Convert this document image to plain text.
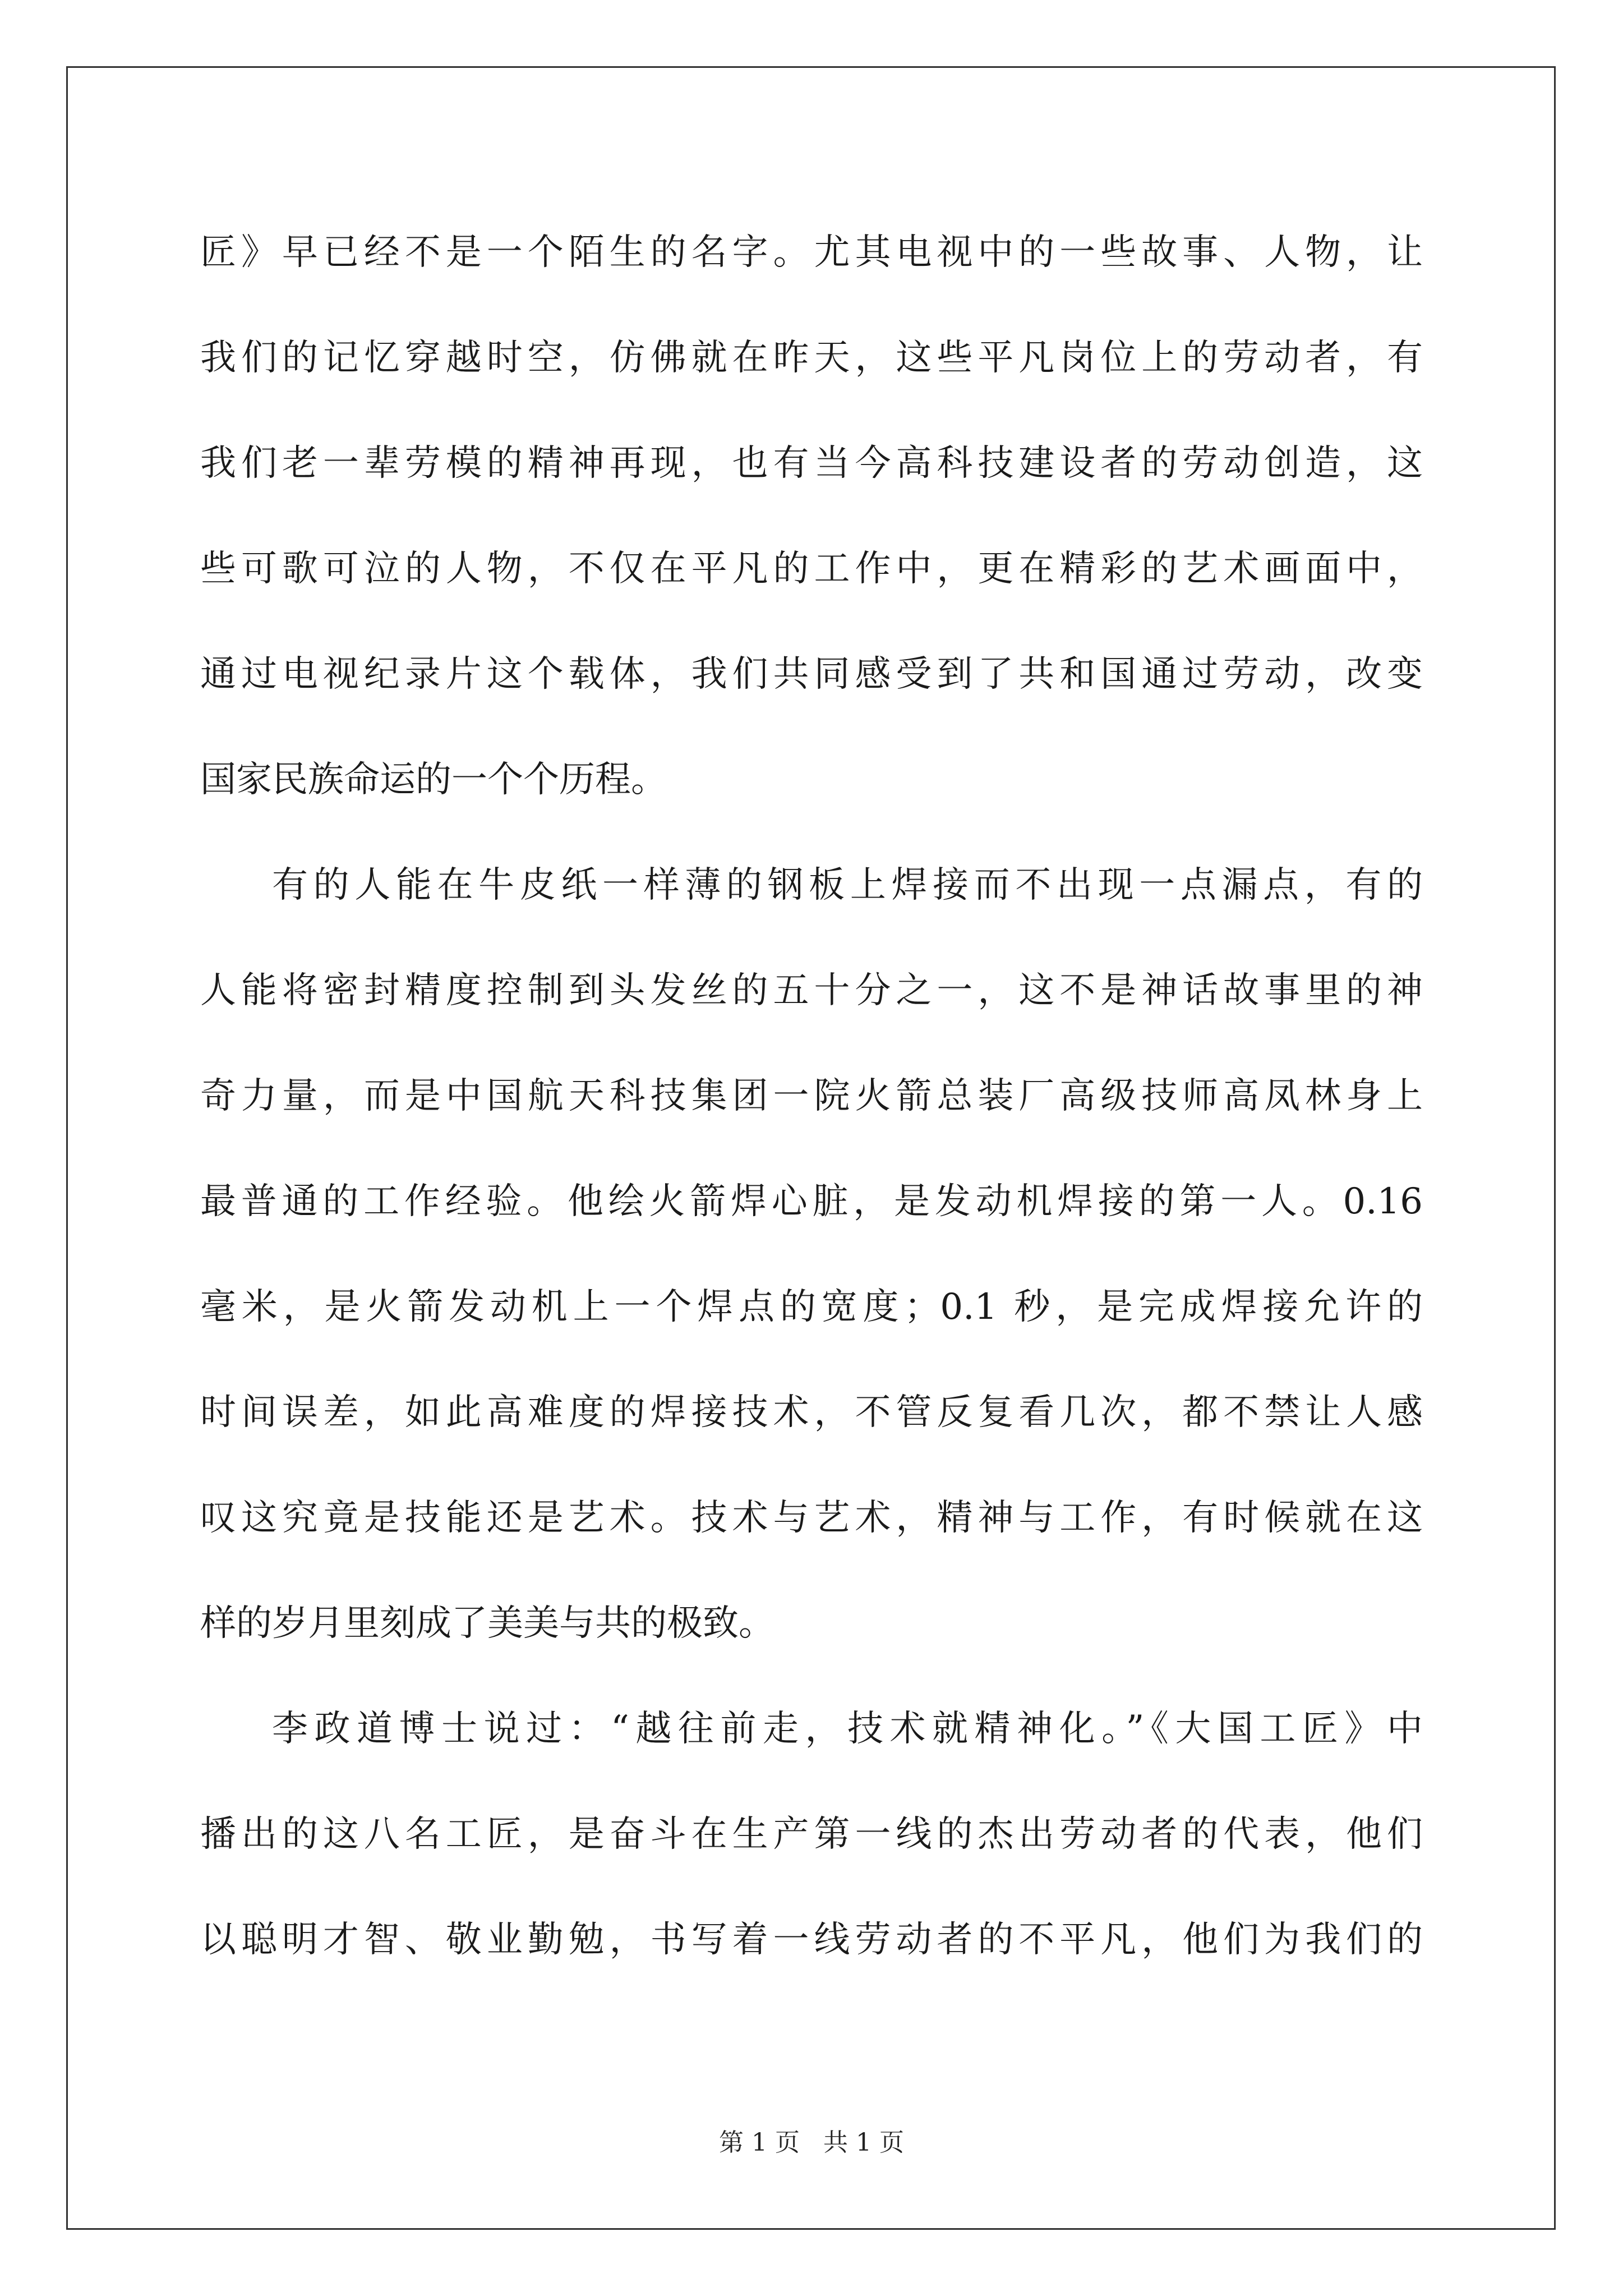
匠》早已经不是一个陌生的名字。尤其电视中的一些故事、人物，让
我们的记忆穿越时空，仿佛就在昨天，这些平凡岗位上的劳动者，有
我们老一辈劳模的精神再现，也有当今高科技建设者的劳动创造，这
些可歌可泣的人物，不仅在平凡的工作中，更在精彩的艺术画面中，
通过电视纪录片这个载体，我们共同感受到了共和国通过劳动，改变
国家民族命运的一个个历程。
有的人能在牛皮纸一样薄的钢板上焊接而不出现一点漏点，有的
人能将密封精度控制到头发丝的五十分之一，这不是神话故事里的神
奇力量，而是中国航天科技集团一院火箭总装厂高级技师高凤林身上
最普通的工作经验。他绘火箭焊心脏，是发动机焊接的第一人。0.16
毫米，是火箭发动机上一个焊点的宽度；0.1 秒，是完成焊接允许的
时间误差，如此高难度的焊接技术，不管反复看几次，都不禁让人感
叹这究竟是技能还是艺术。技术与艺术，精神与工作，有时候就在这
样的岁月里刻成了美美与共的极致。
李政道博士说过：“越往前走，技术就精神化。”《大国工匠》中
播出的这八名工匠，是奋斗在生产第一线的杰出劳动者的代表，他们
以聪明才智、敬业勤勉，书写着一线劳动者的不平凡，他们为我们的
第 1 页 共 1 页
